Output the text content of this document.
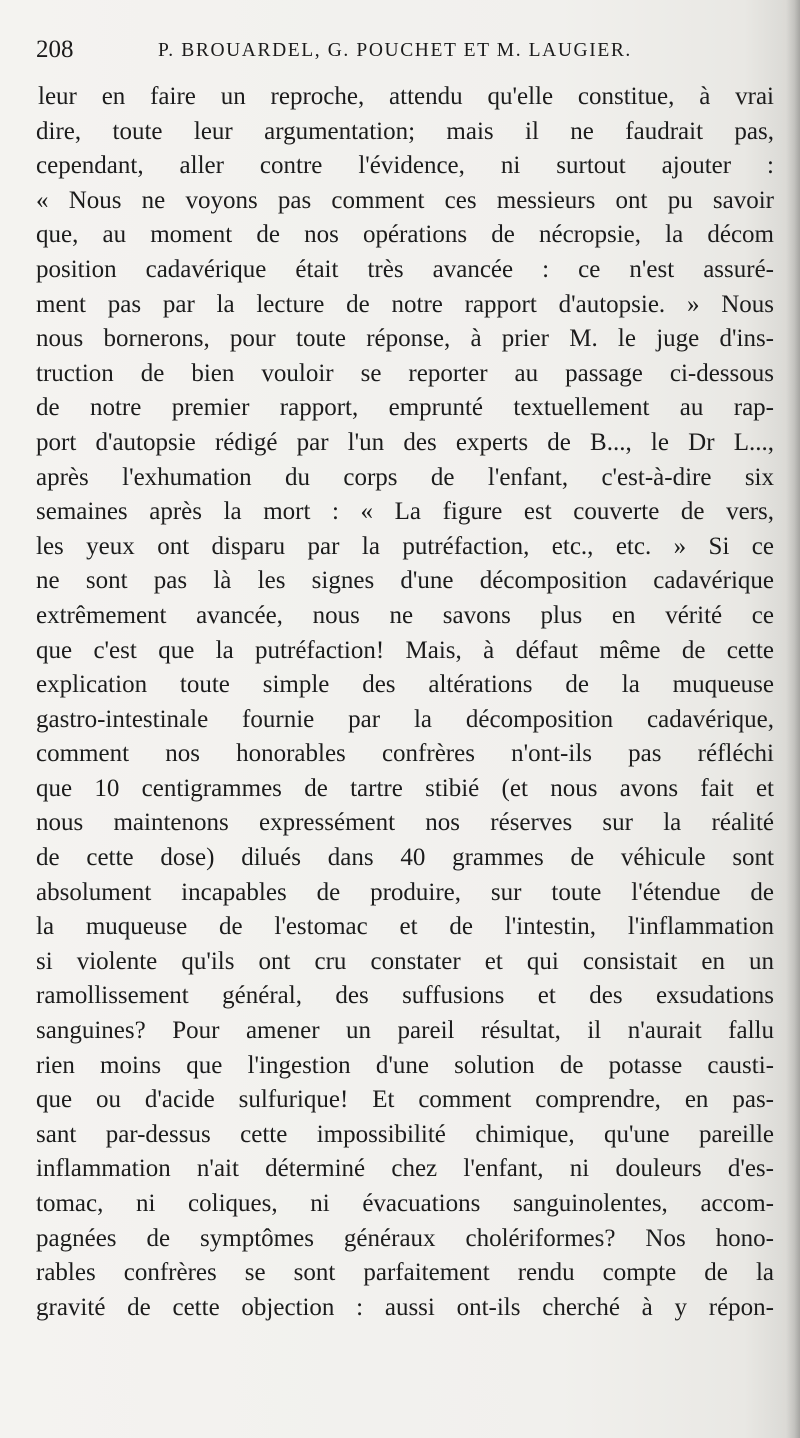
208	P. BROUARDEL, G. POUCHET ET M. LAUGIER.
leur en faire un reproche, attendu qu'elle constitue, à vrai
dire, toute leur argumentation; mais il ne faudrait pas,
cependant, aller contre l'évidence, ni surtout ajouter :
« Nous ne voyons pas comment ces messieurs ont pu savoir
que, au moment de nos opérations de nécropsie, la décom
position cadavérique était très avancée : ce n'est assuré-
ment pas par la lecture de notre rapport d'autopsie. » Nous
nous bornerons, pour toute réponse, à prier M. le juge d'ins-
truction de bien vouloir se reporter au passage ci-dessous
de notre premier rapport, emprunté textuellement au rap-
port d'autopsie rédigé par l'un des experts de B..., le Dr L...,
après l'exhumation du corps de l'enfant, c'est-à-dire six
semaines après la mort : « La figure est couverte de vers,
les yeux ont disparu par la putréfaction, etc., etc. » Si ce
ne sont pas là les signes d'une décomposition cadavérique
extrêmement avancée, nous ne savons plus en vérité ce
que c'est que la putréfaction! Mais, à défaut même de cette
explication toute simple des altérations de la muqueuse
gastro-intestinale fournie par la décomposition cadavérique,
comment nos honorables confrères n'ont-ils pas réfléchi
que 10 centigrammes de tartre stibié (et nous avons fait et
nous maintenons expressément nos réserves sur la réalité
de cette dose) dilués dans 40 grammes de véhicule sont
absolument incapables de produire, sur toute l'étendue de
la muqueuse de l'estomac et de l'intestin, l'inflammation
si violente qu'ils ont cru constater et qui consistait en un
ramollissement général, des suffusions et des exsudations
sanguines? Pour amener un pareil résultat, il n'aurait fallu
rien moins que l'ingestion d'une solution de potasse causti-
que ou d'acide sulfurique! Et comment comprendre, en pas-
sant par-dessus cette impossibilité chimique, qu'une pareille
inflammation n'ait déterminé chez l'enfant, ni douleurs d'es-
tomac, ni coliques, ni évacuations sanguinolentes, accom-
pagnées de symptômes généraux cholériformes? Nos hono-
rables confrères se sont parfaitement rendu compte de la
gravité de cette objection : aussi ont-ils cherché à y répon-
